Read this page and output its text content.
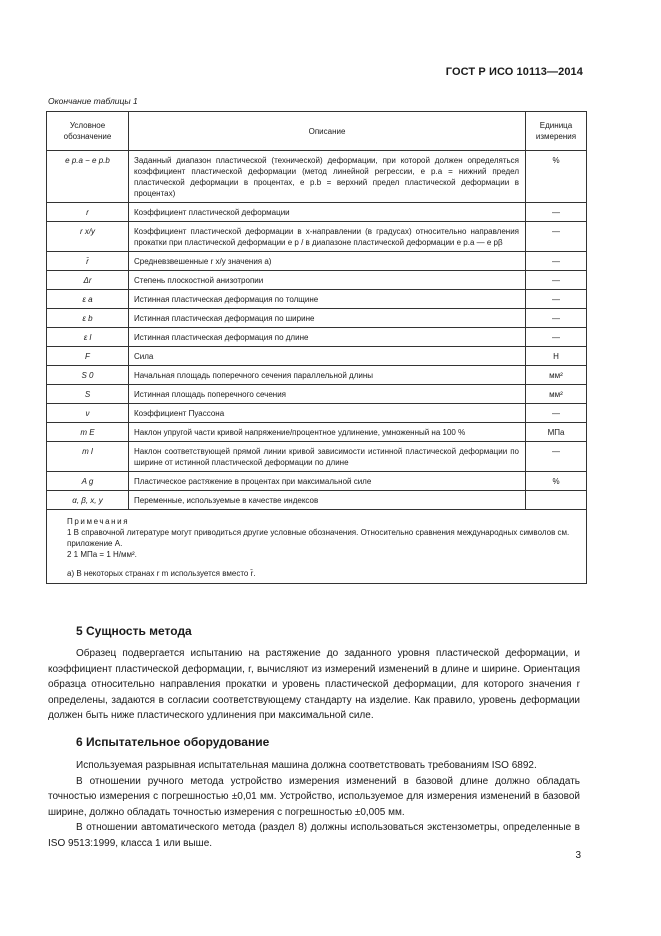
ГОСТ Р ИСО 10113—2014
Окончание таблицы 1
Условное обозначение	Описание	Единица измерения
e p.a − e p.b	Заданный диапазон пластической (технической) деформации, при которой должен определяться коэффициент пластической деформации (метод линейной регрессии, e p.a = нижний предел пластической деформации в процентах, e p.b = верхний предел пластической деформации в процентах)	%
r	Коэффициент пластической деформации	—
r x/y	Коэффициент пластической деформации в x-направлении (в градусах) относительно направления прокатки при пластической деформации e p / в диапазоне пластической деформации e p.a — e pβ	—
r̄	Средневзвешенные r x/y значения a)	—
Δr	Степень плоскостной анизотропии	—
ε a	Истинная пластическая деформация по толщине	—
ε b	Истинная пластическая деформация по ширине	—
ε l	Истинная пластическая деформация по длине	—
F	Сила	Н
S 0	Начальная площадь поперечного сечения параллельной длины	мм²
S	Истинная площадь поперечного сечения	мм²
ν	Коэффициент Пуассона	—
m E	Наклон упругой части кривой напряжение/процентное удлинение, умноженный на 100 %	МПа
m l	Наклон соответствующей прямой линии кривой зависимости истинной пластической деформации по ширине от истинной пластической деформации по длине	—
A g	Пластическое растяжение в процентах при максимальной силе	%
α, β, x, y	Переменные, используемые в качестве индексов	

Примечания
1 В справочной литературе могут приводиться другие условные обозначения. Относительно сравнения международных символов см. приложение А.
2 1 МПа = 1 Н/мм².
a) В некоторых странах r m используется вместо r̄.		
5 Сущность метода

Образец подвергается испытанию на растяжение до заданного уровня пластической деформации, и коэффициент пластической деформации, r, вычисляют из измерений изменений в длине и ширине. Ориентация образца относительно направления прокатки и уровень пластической деформации, для которого значения r определены, задаются в согласии соответствующему стандарту на изделие. Как правило, уровень деформации должен быть ниже пластического удлинения при максимальной силе.

6 Испытательное оборудование

Используемая разрывная испытательная машина должна соответствовать требованиям ISO 6892.

В отношении ручного метода устройство измерения изменений в базовой длине должно обладать точностью измерения с погрешностью ±0,01 мм. Устройство, используемое для измерения изменений в базовой ширине, должно обладать точностью измерения с погрешностью ±0,005 мм.

В отношении автоматического метода (раздел 8) должны использоваться экстензометры, определенные в ISO 9513:1999, класса 1 или выше.

3
